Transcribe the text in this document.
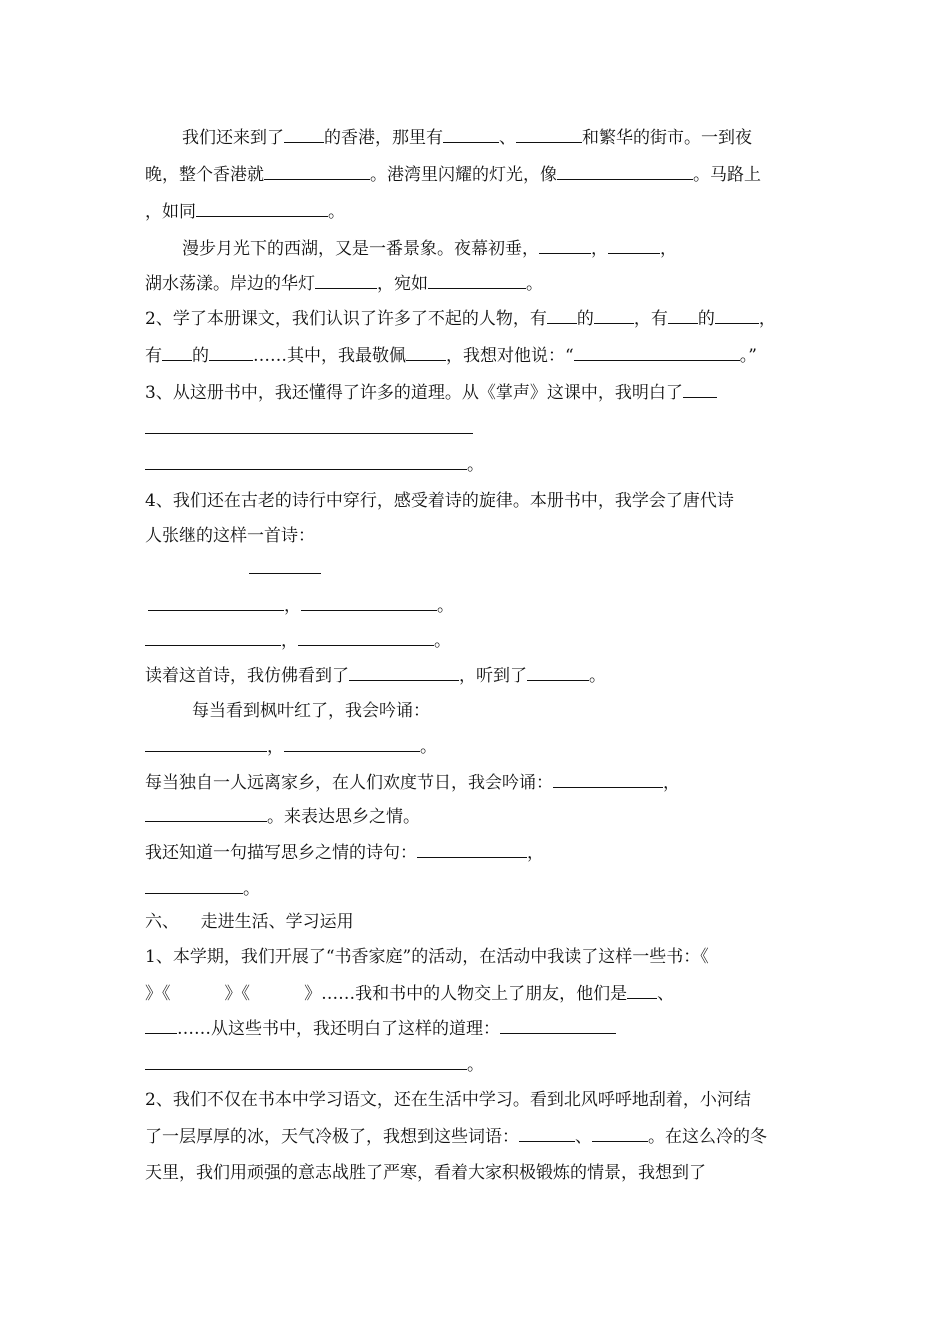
我们还来到了 的香港，那里有	、	和繁华的街市。一到夜
晚，整个香港就	。港湾里闪耀的灯光，像	。马路上
，如同	。
漫步月光下的西湖，又是一番景象。夜幕初垂，	，	，
湖水荡漾。岸边的华灯	，宛如	。
2、学了本册课文，我们认识了许多了不起的人物，有 的 ，有 的	，
有 的	……其中，我最敬佩 ，我想对他说：“	。”
3、从这册书中，我还懂得了许多的道理。从《掌声》这课中，我明白了
。
4、我们还在古老的诗行中穿行，感受着诗的旋律。本册书中，我学会了唐代诗
人张继的这样一首诗：
，	。
，	。
读着这首诗，我仿佛看到了	，听到了	。
每当看到枫叶红了，我会吟诵：
，	。
每当独自一人远离家乡，在人们欢度节日，我会吟诵：	，
。来表达思乡之情。
我还知道一句描写思乡之情的诗句：	，
。
六、    走进生活、学习运用
1、本学期，我们开展了“书香家庭”的活动，在活动中我读了这样一些书：《
》《          》《          》……我和书中的人物交上了朋友，他们是 、
……从这些书中，我还明白了这样的道理：
。
2、我们不仅在书本中学习语文，还在生活中学习。看到北风呼呼地刮着，小河结
了一层厚厚的冰，天气冷极了，我想到这些词语：	、	。在这么冷的冬
天里，我们用顽强的意志战胜了严寒，看着大家积极锻炼的情景，我想到了
